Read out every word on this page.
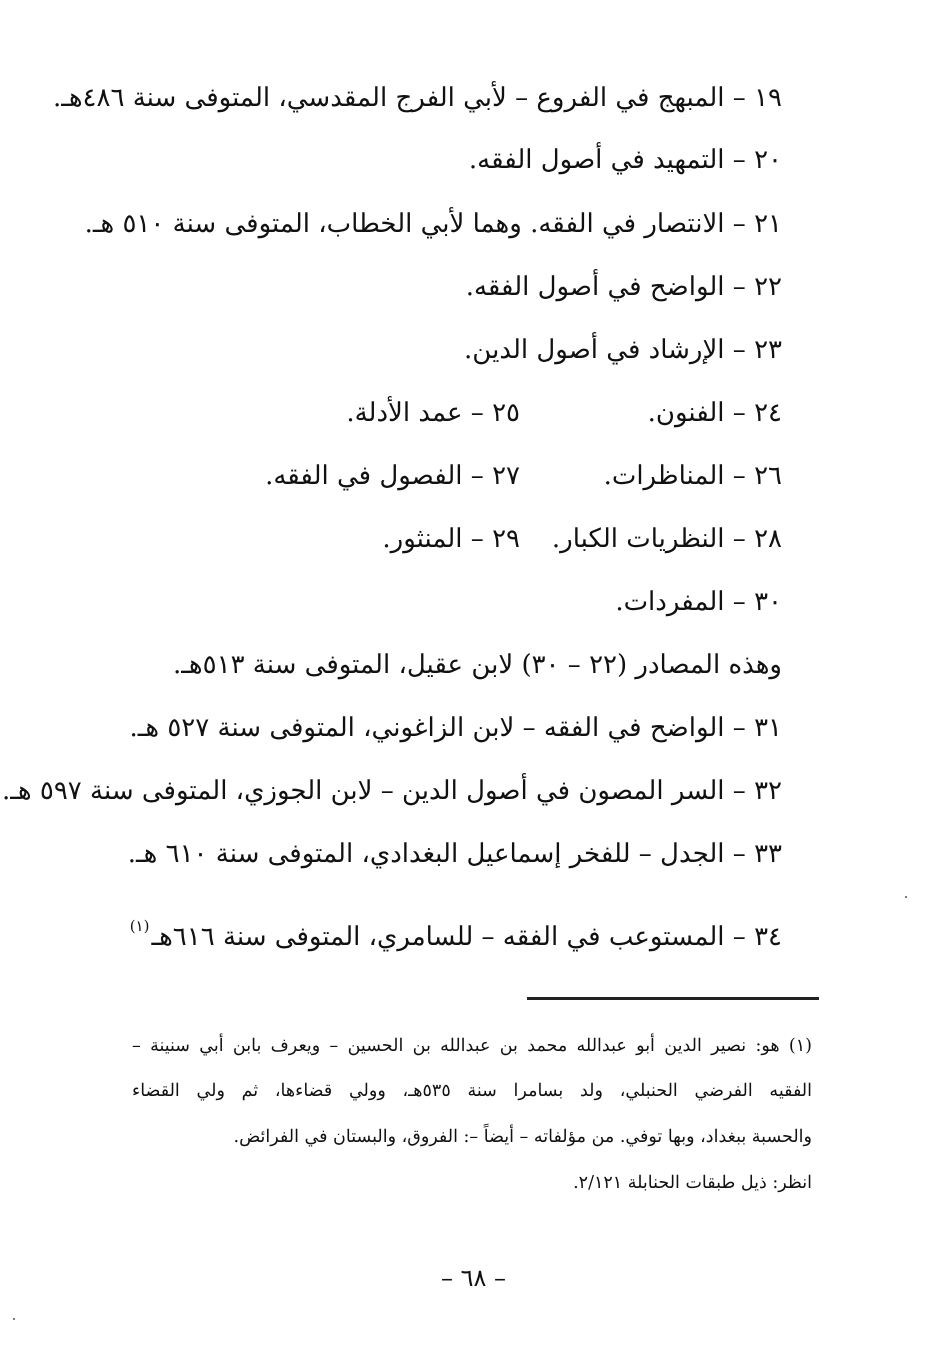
١٩ – المبهج في الفروع – لأبي الفرج المقدسي، المتوفى سنة ٤٨٦هـ.
٢٠ – التمهيد في أصول الفقه.
٢١ – الانتصار في الفقه. وهما لأبي الخطاب، المتوفى سنة ٥١٠ هـ.
٢٢ – الواضح في أصول الفقه.
٢٣ – الإرشاد في أصول الدين.
٢٤ – الفنون.
٢٥ – عمد الأدلة.
٢٦ – المناظرات.
٢٧ – الفصول في الفقه.
٢٨ – النظريات الكبار.
٢٩ – المنثور.
٣٠ – المفردات.
وهذه المصادر (٢٢ – ٣٠) لابن عقيل، المتوفى سنة ٥١٣هـ.
٣١ – الواضح في الفقه – لابن الزاغوني، المتوفى سنة ٥٢٧ هـ.
٣٢ – السر المصون في أصول الدين – لابن الجوزي، المتوفى سنة ٥٩٧ هـ.
٣٣ – الجدل – للفخر إسماعيل البغدادي، المتوفى سنة ٦١٠ هـ.
٣٤ – المستوعب في الفقه – للسامري، المتوفى سنة ٦١٦هـ$^{(١)}$
(١) هو: نصير الدين أبو عبدالله محمد بن عبدالله بن الحسين – ويعرف بابن أبي سنينة –
الفقيه الفرضي الحنبلي، ولد بسامرا سنة ٥٣٥هـ، وولي قضاءها، ثم ولي القضاء
والحسبة ببغداد، وبها توفي. من مؤلفاته – أيضاً –: الفروق، والبستان في الفرائض.
انظر: ذيل طبقات الحنابلة ٢/١٢١.
– ٦٨ –
